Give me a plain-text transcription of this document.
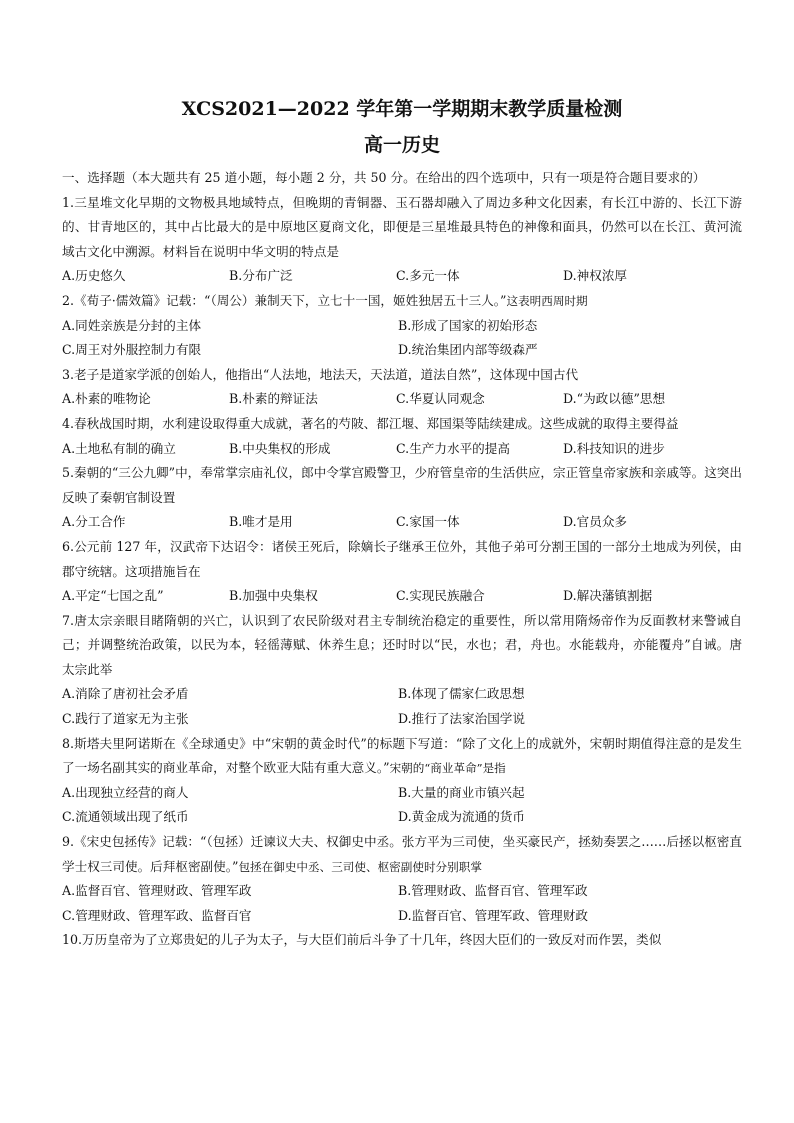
XCS2021—2022 学年第一学期期末教学质量检测
高一历史

一、选择题（本大题共有 25 道小题，每小题 2 分，共 50 分。在给出的四个选项中，只有一项是符合题目要求的）

1.三星堆文化早期的文物极具地域特点，但晚期的青铜器、玉石器却融入了周边多种文化因素，有长江中游的、长江下游的、甘青地区的，其中占比最大的是中原地区夏商文化，即便是三星堆最具特色的神像和面具，仍然可以在长江、黄河流域古文化中溯源。材料旨在说明中华文明的特点是

A.历史悠久	B.分布广泛	C.多元一体	D.神权浓厚

2.《荀子·儒效篇》记载：“（周公）兼制天下，立七十一国，姬姓独居五十三人。”这表明西周时期

A.同姓亲族是分封的主体	B.形成了国家的初始形态
C.周王对外服控制力有限	D.统治集团内部等级森严

3.老子是道家学派的创始人，他指出“人法地，地法天，天法道，道法自然”，这体现中国古代

A.朴素的唯物论	B.朴素的辩证法	C.华夏认同观念	D.“为政以德”思想

4.春秋战国时期，水利建设取得重大成就，著名的芍陂、都江堰、郑国渠等陆续建成。这些成就的取得主要得益

A.土地私有制的确立	B.中央集权的形成	C.生产力水平的提高	D.科技知识的进步

5.秦朝的“三公九卿”中，奉常掌宗庙礼仪，郎中令掌宫殿警卫，少府管皇帝的生活供应，宗正管皇帝家族和亲戚等。这突出反映了秦朝官制设置

A.分工合作	B.唯才是用	C.家国一体	D.官员众多

6.公元前 127 年，汉武帝下达诏令：诸侯王死后，除嫡长子继承王位外，其他子弟可分割王国的一部分土地成为列侯，由郡守统辖。这项措施旨在

A.平定“七国之乱”	B.加强中央集权	C.实现民族融合	D.解决藩镇割据

7.唐太宗亲眼目睹隋朝的兴亡，认识到了农民阶级对君主专制统治稳定的重要性，所以常用隋炀帝作为反面教材来警诫自己；并调整统治政策，以民为本，轻徭薄赋、休养生息；还时时以“民，水也；君，舟也。水能载舟，亦能覆舟”自诫。唐太宗此举

A.消除了唐初社会矛盾	B.体现了儒家仁政思想
C.践行了道家无为主张	D.推行了法家治国学说

8.斯塔夫里阿诺斯在《全球通史》中“宋朝的黄金时代”的标题下写道：“除了文化上的成就外，宋朝时期值得注意的是发生了一场名副其实的商业革命，对整个欧亚大陆有重大意义。”宋朝的“商业革命”是指

A.出现独立经营的商人	B.大量的商业市镇兴起
C.流通领域出现了纸币	D.黄金成为流通的货币

9.《宋史包拯传》记载：“（包拯）迁谏议大夫、权御史中丞。张方平为三司使，坐买豪民产，拯劾奏罢之……后拯以枢密直学士权三司使。后拜枢密副使。”包拯在御史中丞、三司使、枢密副使时分别职掌

A.监督百官、管理财政、管理军政	B.管理财政、监督百官、管理军政
C.管理财政、管理军政、监督百官	D.监督百官、管理军政、管理财政

10.万历皇帝为了立郑贵妃的儿子为太子，与大臣们前后斗争了十几年，终因大臣们的一致反对而作罢，类似
